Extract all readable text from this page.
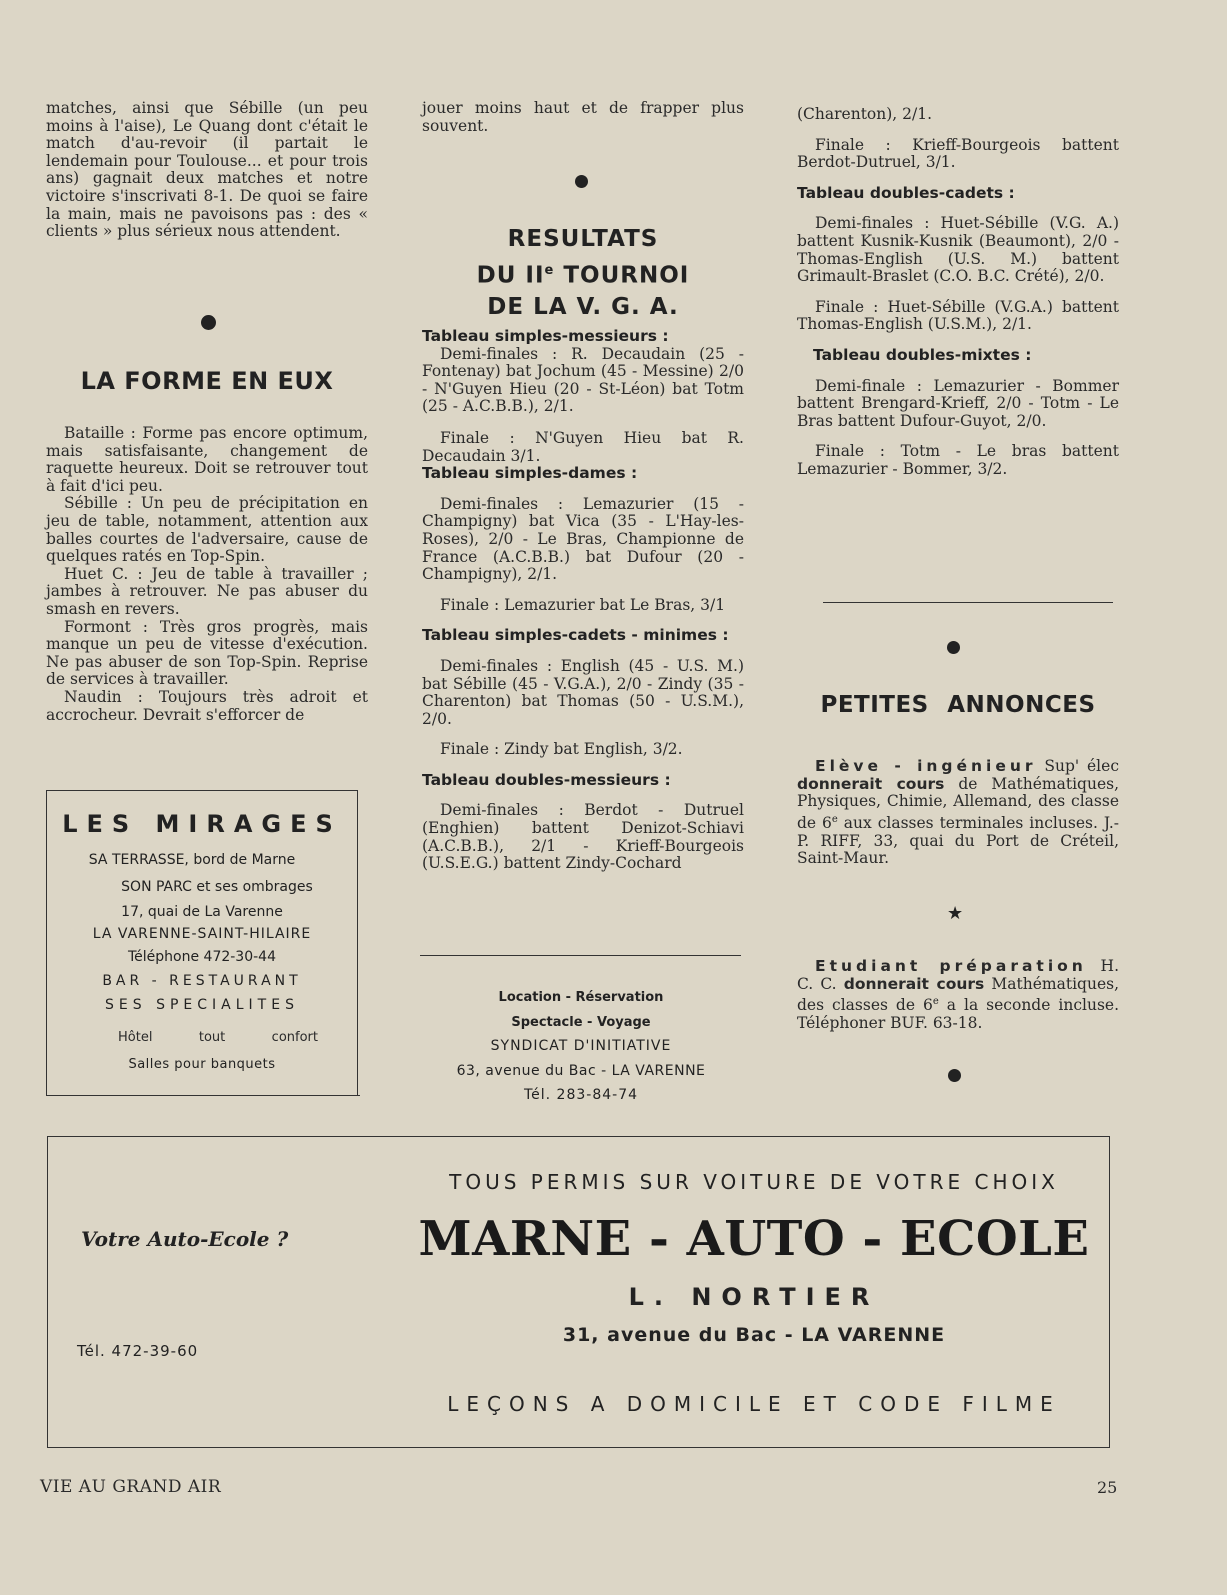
matches, ainsi que Sébille (un peu moins à l'aise), Le Quang dont c'était le match d'au-revoir (il partait le lendemain pour Toulouse... et pour trois ans) gagnait deux matches et notre victoire s'inscrivati 8-1. De quoi se faire la main, mais ne pavoisons pas : des « clients » plus sérieux nous attendent.

LA FORME EN EUX

Bataille : Forme pas encore optimum, mais satisfaisante, changement de raquette heureux. Doit se retrouver tout à fait d'ici peu.

Sébille : Un peu de précipitation en jeu de table, notamment, attention aux balles courtes de l'adversaire, cause de quelques ratés en Top-Spin.

Huet C. : Jeu de table à travailler ; jambes à retrouver. Ne pas abuser du smash en revers.

Formont : Très gros progrès, mais manque un peu de vitesse d'exécution. Ne pas abuser de son Top-Spin. Reprise de services à travailler.

Naudin : Toujours très adroit et accrocheur. Devrait s'efforcer de

LES MIRAGES
SA TERRASSE, bord de Marne
SON PARC et ses ombrages
17, quai de La Varenne
LA VARENNE-SAINT-HILAIRE
Téléphone 472-30-44
BAR - RESTAURANT
SES SPECIALITES
Hôtel	tout	confort
Salles pour banquets

jouer moins haut et de frapper plus souvent.

RESULTATS
DU IIe TOURNOI
DE LA V. G. A.
Tableau simples-messieurs :

Demi-finales : R. Decaudain (25 - Fontenay) bat Jochum (45 - Messine) 2/0 - N'Guyen Hieu (20 - St-Léon) bat Totm (25 - A.C.B.B.), 2/1.

Finale : N'Guyen Hieu bat R. Decaudain 3/1.

Tableau simples-dames :

Demi-finales : Lemazurier (15 - Champigny) bat Vica (35 - L'Hay-les-Roses), 2/0 - Le Bras, Championne de France (A.C.B.B.) bat Dufour (20 - Champigny), 2/1.

Finale : Lemazurier bat Le Bras, 3/1

Tableau simples-cadets - minimes :

Demi-finales : English (45 - U.S. M.) bat Sébille (45 - V.G.A.), 2/0 - Zindy (35 - Charenton) bat Thomas (50 - U.S.M.), 2/0.

Finale : Zindy bat English, 3/2.

Tableau doubles-messieurs :

Demi-finales : Berdot - Dutruel (Enghien) battent Denizot-Schiavi (A.C.B.B.), 2/1 - Krieff-Bourgeois (U.S.E.G.) battent Zindy-Cochard

Location - Réservation
Spectacle - Voyage
SYNDICAT D'INITIATIVE
63, avenue du Bac - LA VARENNE
Tél. 283-84-74

(Charenton), 2/1.

Finale : Krieff-Bourgeois battent Berdot-Dutruel, 3/1.

Tableau doubles-cadets :

Demi-finales : Huet-Sébille (V.G. A.) battent Kusnik-Kusnik (Beaumont), 2/0 - Thomas-English (U.S. M.) battent Grimault-Braslet (C.O. B.C. Crété), 2/0.

Finale : Huet-Sébille (V.G.A.) battent Thomas-English (U.S.M.), 2/1.

Tableau doubles-mixtes :

Demi-finale : Lemazurier - Bommer battent Brengard-Krieff, 2/0 - Totm - Le Bras battent Dufour-Guyot, 2/0.

Finale : Totm - Le bras battent Lemazurier - Bommer, 3/2.

PETITES ANNONCES

Elève - ingénieur Sup' élec donnerait cours de Mathématiques, Physiques, Chimie, Allemand, des classe de 6e aux classes terminales incluses. J.-P. RIFF, 33, quai du Port de Créteil, Saint-Maur.

★

Etudiant préparation H. C. C. donnerait cours Mathématiques, des classes de 6e a la seconde incluse. Téléphoner BUF. 63-18.

Votre Auto-Ecole ?
Tél. 472-39-60
TOUS PERMIS SUR VOITURE DE VOTRE CHOIX
MARNE - AUTO - ECOLE
L. NORTIER
31, avenue du Bac - LA VARENNE
LEÇONS A DOMICILE ET CODE FILME
VIE AU GRAND AIR	25
